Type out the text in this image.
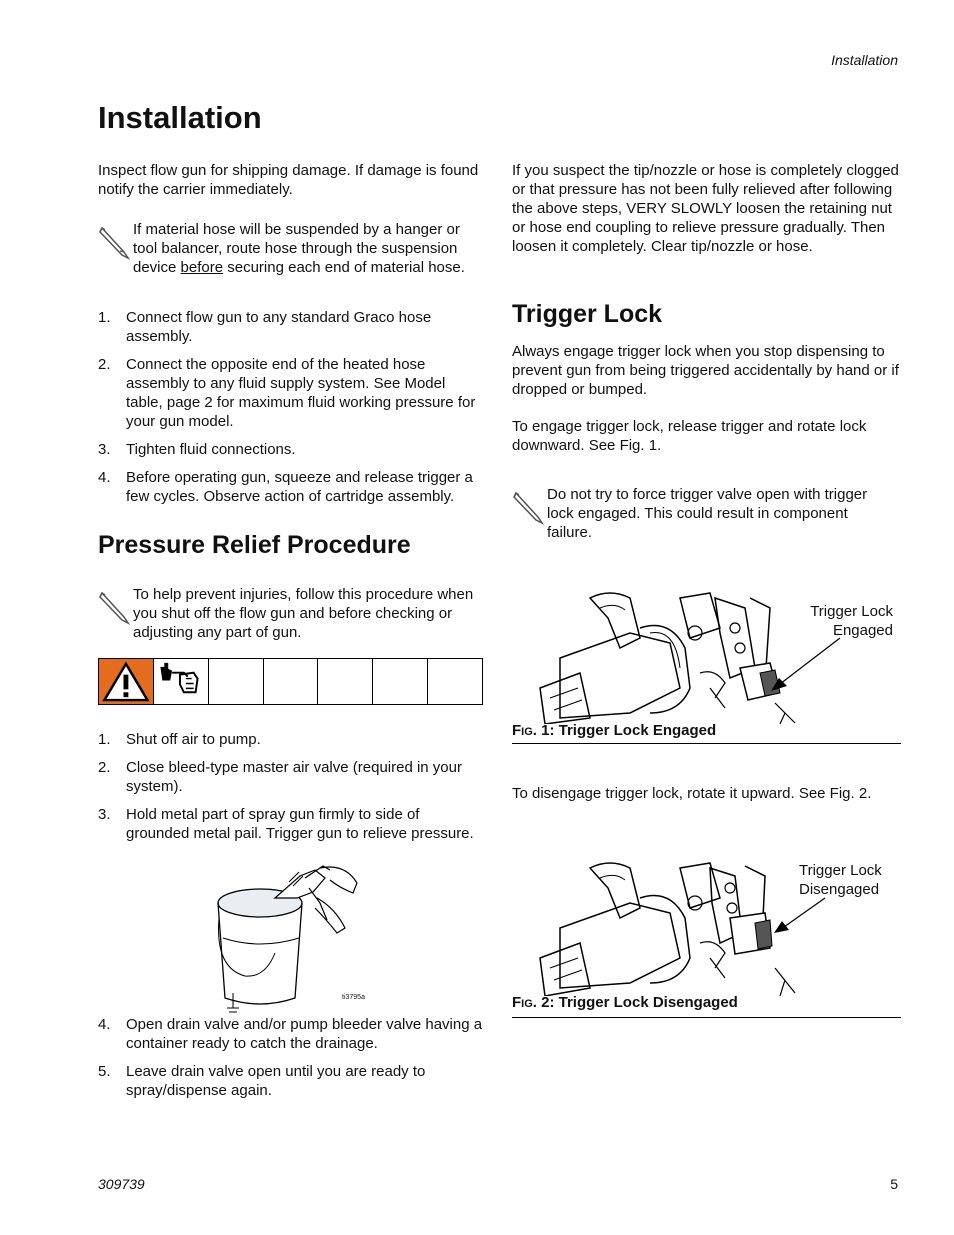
Installation
Installation

Inspect flow gun for shipping damage. If damage is found notify the carrier immediately.

If material hose will be suspended by a hanger or
tool balancer, route hose through the suspension
device before securing each end of material hose.
1. Connect flow gun to any standard Graco hose assembly.
2. Connect the opposite end of the heated hose assembly to any fluid supply system. See Model table, page 2 for maximum fluid working pressure for your gun model.
3. Tighten fluid connections.
4. Before operating gun, squeeze and release trigger a few cycles. Observe action of cartridge assembly.
Pressure Relief Procedure
To help prevent injuries, follow this procedure when you shut off the flow gun and before checking or adjusting any part of gun.
1. Shut off air to pump.
2. Close bleed-type master air valve (required in your system).
3. Hold metal part of spray gun firmly to side of grounded metal pail. Trigger gun to relieve pressure.
ti3795a
4. Open drain valve and/or pump bleeder valve having a container ready to catch the drainage.
5. Leave drain valve open until you are ready to spray/dispense again.

If you suspect the tip/nozzle or hose is completely clogged or that pressure has not been fully relieved after following the above steps, VERY SLOWLY loosen the retaining nut or hose end coupling to relieve pressure gradually. Then loosen it completely. Clear tip/nozzle or hose.

Trigger Lock

Always engage trigger lock when you stop dispensing to prevent gun from being triggered accidentally by hand or if dropped or bumped.

To engage trigger lock, release trigger and rotate lock downward. See Fig. 1.

Do not try to force trigger valve open with trigger lock engaged. This could result in component failure.
Trigger Lock
Engaged
FIG. 1: Trigger Lock Engaged

To disengage trigger lock, rotate it upward. See Fig. 2.

Trigger Lock
Disengaged
FIG. 2: Trigger Lock Disengaged
309739	5
